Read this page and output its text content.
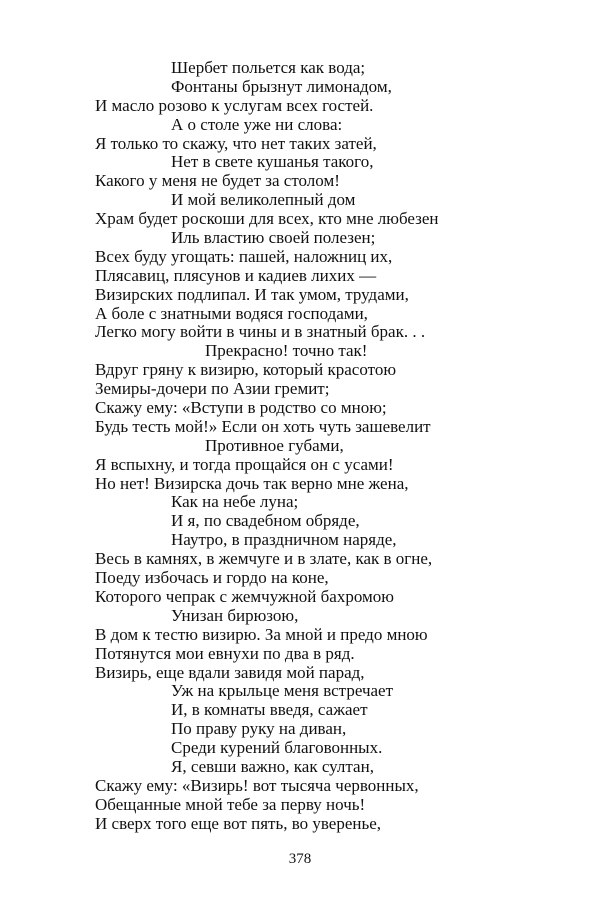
Шербет польется как вода;
Фонтаны брызнут лимонадом,
И масло розово к услугам всех гостей.
А о столе уже ни слова:
Я только то скажу, что нет таких затей,
Нет в свете кушанья такого,
Какого у меня не будет за столом!
И мой великолепный дом
Храм будет роскоши для всех, кто мне любезен
Иль властию своей полезен;
Всех буду угощать: пашей, наложниц их,
Плясавиц, плясунов и кадиев лихих —
Визирских подлипал. И так умом, трудами,
А боле с знатными водяся господами,
Легко могу войти в чины и в знатный брак. . .
Прекрасно! точно так!
Вдруг гряну к визирю, который красотою
Земиры-дочери по Азии гремит;
Скажу ему: «Вступи в родство со мною;
Будь тесть мой!» Если он хоть чуть зашевелит
Противное губами,
Я вспыхну, и тогда прощайся он с усами!
Но нет! Визирска дочь так верно мне жена,
Как на небе луна;
И я, по свадебном обряде,
Наутро, в праздничном наряде,
Весь в камнях, в жемчуге и в злате, как в огне,
Поеду избочась и гордо на коне,
Которого чепрак с жемчужной бахромою
Унизан бирюзою,
В дом к тестю визирю. За мной и предо мною
Потянутся мои евнухи по два в ряд.
Визирь, еще вдали завидя мой парад,
Уж на крыльце меня встречает
И, в комнаты введя, сажает
По праву руку на диван,
Среди курений благовонных.
Я, севши важно, как султан,
Скажу ему: «Визирь! вот тысяча червонных,
Обещанные мной тебе за перву ночь!
И сверх того еще вот пять, во увереньe,
378
